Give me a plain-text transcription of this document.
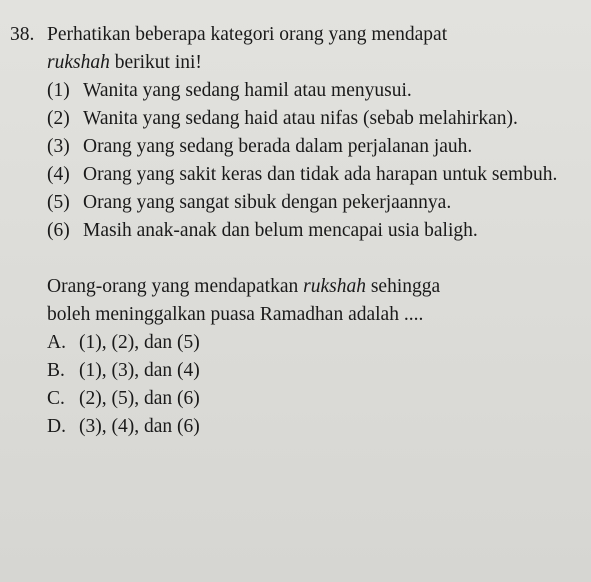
38. Perhatikan beberapa kategori orang yang mendapat
rukshah berikut ini!
(1) Wanita yang sedang hamil atau menyusui.
(2) Wanita yang sedang haid atau nifas (sebab melahirkan).
(3) Orang yang sedang berada dalam perjalanan jauh.
(4) Orang yang sakit keras dan tidak ada harapan untuk sembuh.
(5) Orang yang sangat sibuk dengan pekerjaannya.
(6) Masih anak-anak dan belum mencapai usia baligh.
Orang-orang yang mendapatkan rukshah sehingga
boleh meninggalkan puasa Ramadhan adalah ....
A. (1), (2), dan (5)
B. (1), (3), dan (4)
C. (2), (5), dan (6)
D. (3), (4), dan (6)
